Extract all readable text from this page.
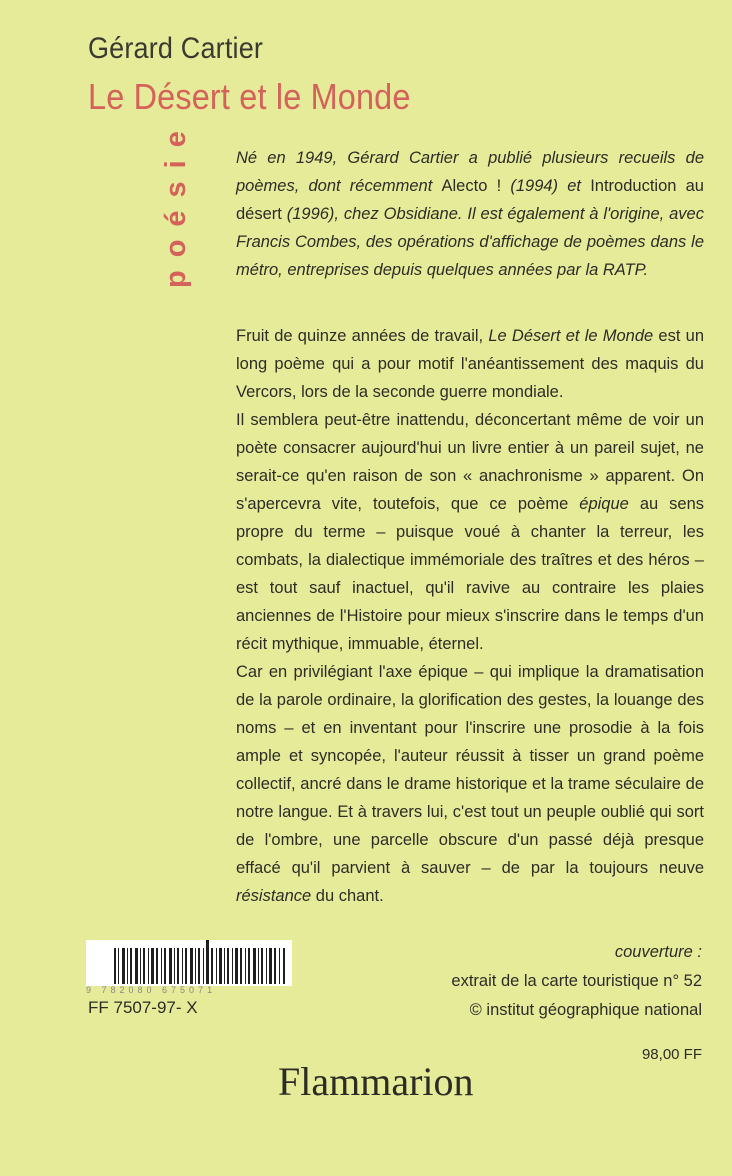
Gérard Cartier
Le Désert et le Monde
poésie	Né en 1949, Gérard Cartier a publié plusieurs recueils de poèmes, dont récemment Alecto ! (1994) et Introduction au désert (1996), chez Obsidiane. Il est également à l'origine, avec Francis Combes, des opérations d'affichage de poèmes dans le métro, entreprises depuis quelques années par la RATP.

Fruit de quinze années de travail, Le Désert et le Monde est un long poème qui a pour motif l'anéantissement des maquis du Vercors, lors de la seconde guerre mondiale.

Il semblera peut-être inattendu, déconcertant même de voir un poète consacrer aujourd'hui un livre entier à un pareil sujet, ne serait-ce qu'en raison de son « anachronisme » apparent. On s'apercevra vite, toutefois, que ce poème épique au sens propre du terme – puisque voué à chanter la terreur, les combats, la dialectique immémoriale des traîtres et des héros – est tout sauf inactuel, qu'il ravive au contraire les plaies anciennes de l'Histoire pour mieux s'inscrire dans le temps d'un récit mythique, immuable, éternel.

Car en privilégiant l'axe épique – qui implique la dramatisation de la parole ordinaire, la glorification des gestes, la louange des noms – et en inventant pour l'inscrire une prosodie à la fois ample et syncopée, l'auteur réussit à tisser un grand poème collectif, ancré dans le drame historique et la trame séculaire de notre langue. Et à travers lui, c'est tout un peuple oublié qui sort de l'ombre, une parcelle obscure d'un passé déjà presque effacé qu'il parvient à sauver – de par la toujours neuve résistance du chant.

9 782080 675071
FF 7507-97- X
couverture :
extrait de la carte touristique n° 52
© institut géographique national
98,00 FF
Flammarion
